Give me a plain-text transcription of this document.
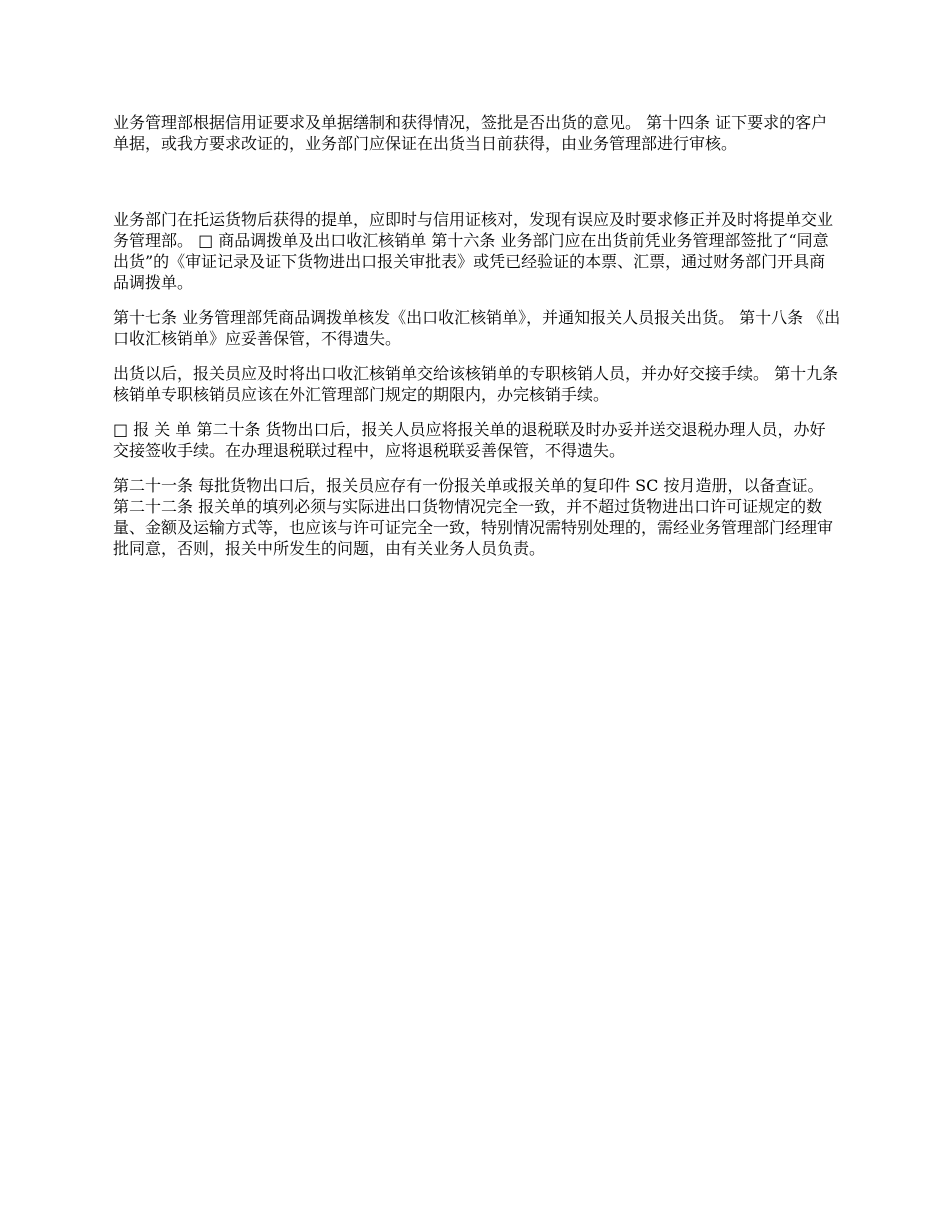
业务管理部根据信用证要求及单据缮制和获得情况，签批是否出货的意见。 第十四条 证下要求的客户单据，或我方要求改证的，业务部门应保证在出货当日前获得，由业务管理部进行审核。

业务部门在托运货物后获得的提单，应即时与信用证核对，发现有误应及时要求修正并及时将提单交业务管理部。 □ 商品调拨单及出口收汇核销单 第十六条 业务部门应在出货前凭业务管理部签批了“同意出货”的《审证记录及证下货物进出口报关审批表》或凭已经验证的本票、汇票，通过财务部门开具商品调拨单。

第十七条 业务管理部凭商品调拨单核发《出口收汇核销单》，并通知报关人员报关出货。 第十八条 《出口收汇核销单》应妥善保管，不得遗失。

出货以后，报关员应及时将出口收汇核销单交给该核销单的专职核销人员，并办好交接手续。 第十九条 核销单专职核销员应该在外汇管理部门规定的期限内，办完核销手续。

□ 报 关 单 第二十条 货物出口后，报关人员应将报关单的退税联及时办妥并送交退税办理人员，办好交接签收手续。在办理退税联过程中，应将退税联妥善保管，不得遗失。

第二十一条 每批货物出口后，报关员应存有一份报关单或报关单的复印件 SC 按月造册，以备查证。 第二十二条 报关单的填列必须与实际进出口货物情况完全一致，并不超过货物进出口许可证规定的数量、金额及运输方式等，也应该与许可证完全一致，特别情况需特别处理的，需经业务管理部门经理审批同意，否则，报关中所发生的问题，由有关业务人员负责。
